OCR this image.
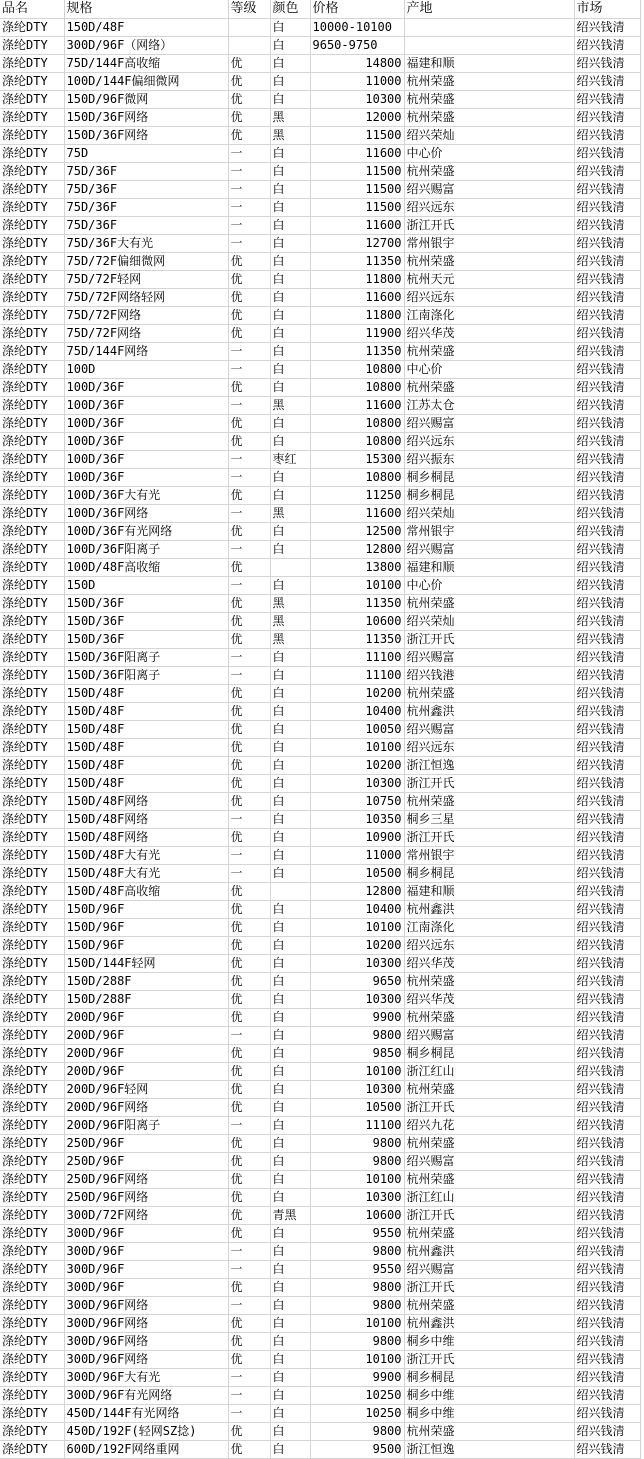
品名	规格	等级	颜色	价格	产地	市场
涤纶DTY	150D/48F		白	10000-10100		绍兴钱清
涤纶DTY	300D/96F（网络）		白	9650-9750		绍兴钱清
涤纶DTY	75D/144F高收缩	优	白	14800	福建和顺	绍兴钱清
涤纶DTY	100D/144F偏细微网	优	白	11000	杭州荣盛	绍兴钱清
涤纶DTY	150D/96F微网	优	白	10300	杭州荣盛	绍兴钱清
涤纶DTY	150D/36F网络	优	黑	12000	杭州荣盛	绍兴钱清
涤纶DTY	150D/36F网络	优	黑	11500	绍兴荣灿	绍兴钱清
涤纶DTY	75D	一	白	11600	中心价	绍兴钱清
涤纶DTY	75D/36F	一	白	11500	杭州荣盛	绍兴钱清
涤纶DTY	75D/36F	一	白	11500	绍兴赐富	绍兴钱清
涤纶DTY	75D/36F	一	白	11500	绍兴远东	绍兴钱清
涤纶DTY	75D/36F	一	白	11600	浙江开氏	绍兴钱清
涤纶DTY	75D/36F大有光	一	白	12700	常州银宇	绍兴钱清
涤纶DTY	75D/72F偏细微网	优	白	11350	杭州荣盛	绍兴钱清
涤纶DTY	75D/72F轻网	优	白	11800	杭州天元	绍兴钱清
涤纶DTY	75D/72F网络轻网	优	白	11600	绍兴远东	绍兴钱清
涤纶DTY	75D/72F网络	优	白	11800	江南涤化	绍兴钱清
涤纶DTY	75D/72F网络	优	白	11900	绍兴华茂	绍兴钱清
涤纶DTY	75D/144F网络	一	白	11350	杭州荣盛	绍兴钱清
涤纶DTY	100D	一	白	10800	中心价	绍兴钱清
涤纶DTY	100D/36F	优	白	10800	杭州荣盛	绍兴钱清
涤纶DTY	100D/36F	一	黑	11600	江苏太仓	绍兴钱清
涤纶DTY	100D/36F	优	白	10800	绍兴赐富	绍兴钱清
涤纶DTY	100D/36F	优	白	10800	绍兴远东	绍兴钱清
涤纶DTY	100D/36F	一	枣红	15300	绍兴振东	绍兴钱清
涤纶DTY	100D/36F	一	白	10800	桐乡桐昆	绍兴钱清
涤纶DTY	100D/36F大有光	优	白	11250	桐乡桐昆	绍兴钱清
涤纶DTY	100D/36F网络	一	黑	11600	绍兴荣灿	绍兴钱清
涤纶DTY	100D/36F有光网络	优	白	12500	常州银宇	绍兴钱清
涤纶DTY	100D/36F阳离子	一	白	12800	绍兴赐富	绍兴钱清
涤纶DTY	100D/48F高收缩	优		13800	福建和顺	绍兴钱清
涤纶DTY	150D	一	白	10100	中心价	绍兴钱清
涤纶DTY	150D/36F	优	黑	11350	杭州荣盛	绍兴钱清
涤纶DTY	150D/36F	优	黑	10600	绍兴荣灿	绍兴钱清
涤纶DTY	150D/36F	优	黑	11350	浙江开氏	绍兴钱清
涤纶DTY	150D/36F阳离子	一	白	11100	绍兴赐富	绍兴钱清
涤纶DTY	150D/36F阳离子	一	白	11100	绍兴钱港	绍兴钱清
涤纶DTY	150D/48F	优	白	10200	杭州荣盛	绍兴钱清
涤纶DTY	150D/48F	优	白	10400	杭州鑫洪	绍兴钱清
涤纶DTY	150D/48F	优	白	10050	绍兴赐富	绍兴钱清
涤纶DTY	150D/48F	优	白	10100	绍兴远东	绍兴钱清
涤纶DTY	150D/48F	优	白	10200	浙江恒逸	绍兴钱清
涤纶DTY	150D/48F	优	白	10300	浙江开氏	绍兴钱清
涤纶DTY	150D/48F网络	优	白	10750	杭州荣盛	绍兴钱清
涤纶DTY	150D/48F网络	一	白	10350	桐乡三星	绍兴钱清
涤纶DTY	150D/48F网络	优	白	10900	浙江开氏	绍兴钱清
涤纶DTY	150D/48F大有光	一	白	11000	常州银宇	绍兴钱清
涤纶DTY	150D/48F大有光	一	白	10500	桐乡桐昆	绍兴钱清
涤纶DTY	150D/48F高收缩	优		12800	福建和顺	绍兴钱清
涤纶DTY	150D/96F	优	白	10400	杭州鑫洪	绍兴钱清
涤纶DTY	150D/96F	优	白	10100	江南涤化	绍兴钱清
涤纶DTY	150D/96F	优	白	10200	绍兴远东	绍兴钱清
涤纶DTY	150D/144F轻网	优	白	10300	绍兴华茂	绍兴钱清
涤纶DTY	150D/288F	优	白	9650	杭州荣盛	绍兴钱清
涤纶DTY	150D/288F	优	白	10300	绍兴华茂	绍兴钱清
涤纶DTY	200D/96F	优	白	9900	杭州荣盛	绍兴钱清
涤纶DTY	200D/96F	一	白	9800	绍兴赐富	绍兴钱清
涤纶DTY	200D/96F	优	白	9850	桐乡桐昆	绍兴钱清
涤纶DTY	200D/96F	优	白	10100	浙江红山	绍兴钱清
涤纶DTY	200D/96F轻网	优	白	10300	杭州荣盛	绍兴钱清
涤纶DTY	200D/96F网络	优	白	10500	浙江开氏	绍兴钱清
涤纶DTY	200D/96F阳离子	一	白	11100	绍兴九花	绍兴钱清
涤纶DTY	250D/96F	优	白	9800	杭州荣盛	绍兴钱清
涤纶DTY	250D/96F	优	白	9800	绍兴赐富	绍兴钱清
涤纶DTY	250D/96F网络	优	白	10100	杭州荣盛	绍兴钱清
涤纶DTY	250D/96F网络	优	白	10300	浙江红山	绍兴钱清
涤纶DTY	300D/72F网络	优	青黑	10600	浙江开氏	绍兴钱清
涤纶DTY	300D/96F	优	白	9550	杭州荣盛	绍兴钱清
涤纶DTY	300D/96F	一	白	9800	杭州鑫洪	绍兴钱清
涤纶DTY	300D/96F	一	白	9550	绍兴赐富	绍兴钱清
涤纶DTY	300D/96F	优	白	9800	浙江开氏	绍兴钱清
涤纶DTY	300D/96F网络	一	白	9800	杭州荣盛	绍兴钱清
涤纶DTY	300D/96F网络	优	白	10100	杭州鑫洪	绍兴钱清
涤纶DTY	300D/96F网络	优	白	9800	桐乡中维	绍兴钱清
涤纶DTY	300D/96F网络	优	白	10100	浙江开氏	绍兴钱清
涤纶DTY	300D/96F大有光	一	白	9900	桐乡桐昆	绍兴钱清
涤纶DTY	300D/96F有光网络	一	白	10250	桐乡中维	绍兴钱清
涤纶DTY	450D/144F有光网络	一	白	10250	桐乡中维	绍兴钱清
涤纶DTY	450D/192F(轻网SZ捻)	优	白	9800	杭州荣盛	绍兴钱清
涤纶DTY	600D/192F网络重网	优	白	9500	浙江恒逸	绍兴钱清
